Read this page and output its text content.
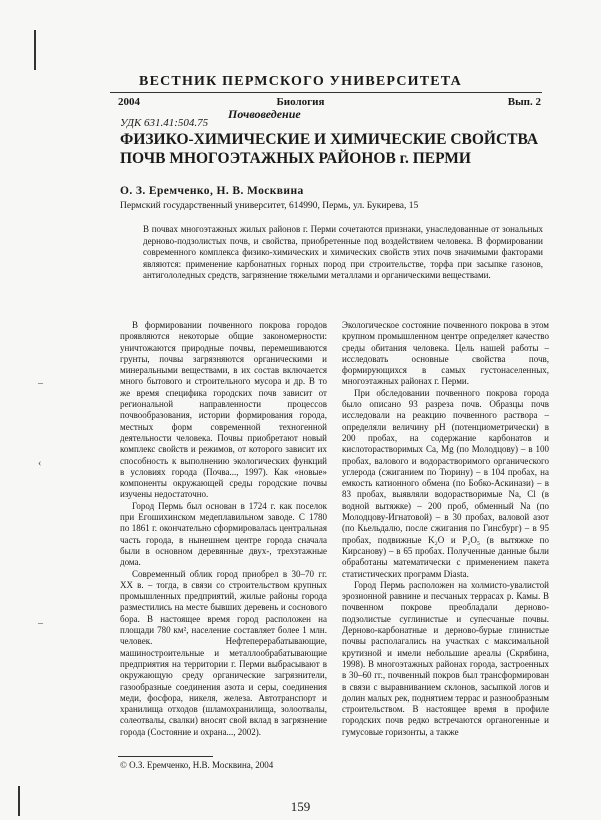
–
‹
–
ВЕСТНИК ПЕРМСКОГО УНИВЕРСИТЕТА
2004	Биология	Вып. 2
Почвоведение
УДК 631.41:504.75
ФИЗИКО-ХИМИЧЕСКИЕ И ХИМИЧЕСКИЕ СВОЙСТВА ПОЧВ МНОГОЭТАЖНЫХ РАЙОНОВ г. ПЕРМИ
О. З. Еремченко, Н. В. Москвина
Пермский государственный университет, 614990, Пермь, ул. Букирева, 15
В почвах многоэтажных жилых районов г. Перми сочетаются признаки, унаследованные от зональных дерново-подзолистых почв, и свойства, приобретенные под воздействием человека. В формировании современного комплекса физико-химических и химических свойств этих почв значимыми факторами являются: применение карбонатных горных пород при строительстве, торфа при засыпке газонов, антигололедных средств, загрязнение тяжелыми металлами и органическими веществами.

В формировании почвенного покрова городов проявляются некоторые общие закономерности: уничтожаются природные почвы, перемешиваются грунты, почвы загрязняются органическими и минеральными веществами, в их состав включается много бытового и строительного мусора и др. В то же время специфика городских почв зависит от региональной направленности процессов почвообразования, истории формирования города, местных форм современной техногенной деятельности человека. Почвы приобретают новый комплекс свойств и режимов, от которого зависит их способность к выполнению экологических функций в условиях города (Почва..., 1997). Как «новые» компоненты окружающей среды городские почвы изучены недостаточно.

Город Пермь был основан в 1724 г. как поселок при Егошихинском медеплавильном заводе. С 1780 по 1861 г. окончательно сформировалась центральная часть города, в нынешнем центре города сначала были в основном деревянные двух-, трехэтажные дома.

Современный облик город приобрел в 30–70 гг. XX в. – тогда, в связи со строительством крупных промышленных предприятий, жилые районы города разместились на месте бывших деревень и соснового бора. В настоящее время город расположен на площади 780 км², население составляет более 1 млн. человек. Нефтеперерабатывающие, машиностроительные и металлообрабатывающие предприятия на территории г. Перми выбрасывают в окружающую среду органические загрязнители, газообразные соединения азота и серы, соединения меди, фосфора, никеля, железа. Автотранспорт и хранилища отходов (шламохранилища, золоотвалы, солеотвалы, свалки) вносят свой вклад в загрязнение города (Состояние и охрана..., 2002).

Экологическое состояние почвенного покрова в этом крупном промышленном центре определяет качество среды обитания человека. Цель нашей работы – исследовать основные свойства почв, формирующихся в самых густонаселенных, многоэтажных районах г. Перми.

При обследовании почвенного покрова города было описано 93 разреза почв. Образцы почв исследовали на реакцию почвенного раствора – определяли величину pH (потенциометрически) в 200 пробах, на содержание карбонатов и кислоторастворимых Ca, Mg (по Молодцову) – в 100 пробах, валового и водорастворимого органического углерода (сжиганием по Тюрину) – в 104 пробах, на емкость катионного обмена (по Бобко-Аскинази) – в 83 пробах, выявляли водорастворимые Na, Cl (в водной вытяжке) – 200 проб, обменный Na (по Молодцову-Игнатовой) – в 30 пробах, валовой азот (по Кьельдалю, после сжигания по Гинсбург) – в 95 пробах, подвижные K₂O и P₂O₅ (в вытяжке по Кирсанову) – в 65 пробах. Полученные данные были обработаны математически с применением пакета статистических программ Diasta.

Город Пермь расположен на холмисто-увалистой эрозионной равнине и песчаных террасах р. Камы. В почвенном покрове преобладали дерново-подзолистые суглинистые и супесчаные почвы. Дерново-карбонатные и дерново-бурые глинистые почвы располагались на участках с максимальной крутизной и имели небольшие ареалы (Скрябина, 1998). В многоэтажных районах города, застроенных в 30–60 гг., почвенный покров был трансформирован в связи с выравниванием склонов, засыпкой логов и долин малых рек, поднятием террас и разнообразным строительством. В настоящее время в профиле городских почв редко встречаются органогенные и гумусовые горизонты, а также

© О.З. Еремченко, Н.В. Москвина, 2004
159
